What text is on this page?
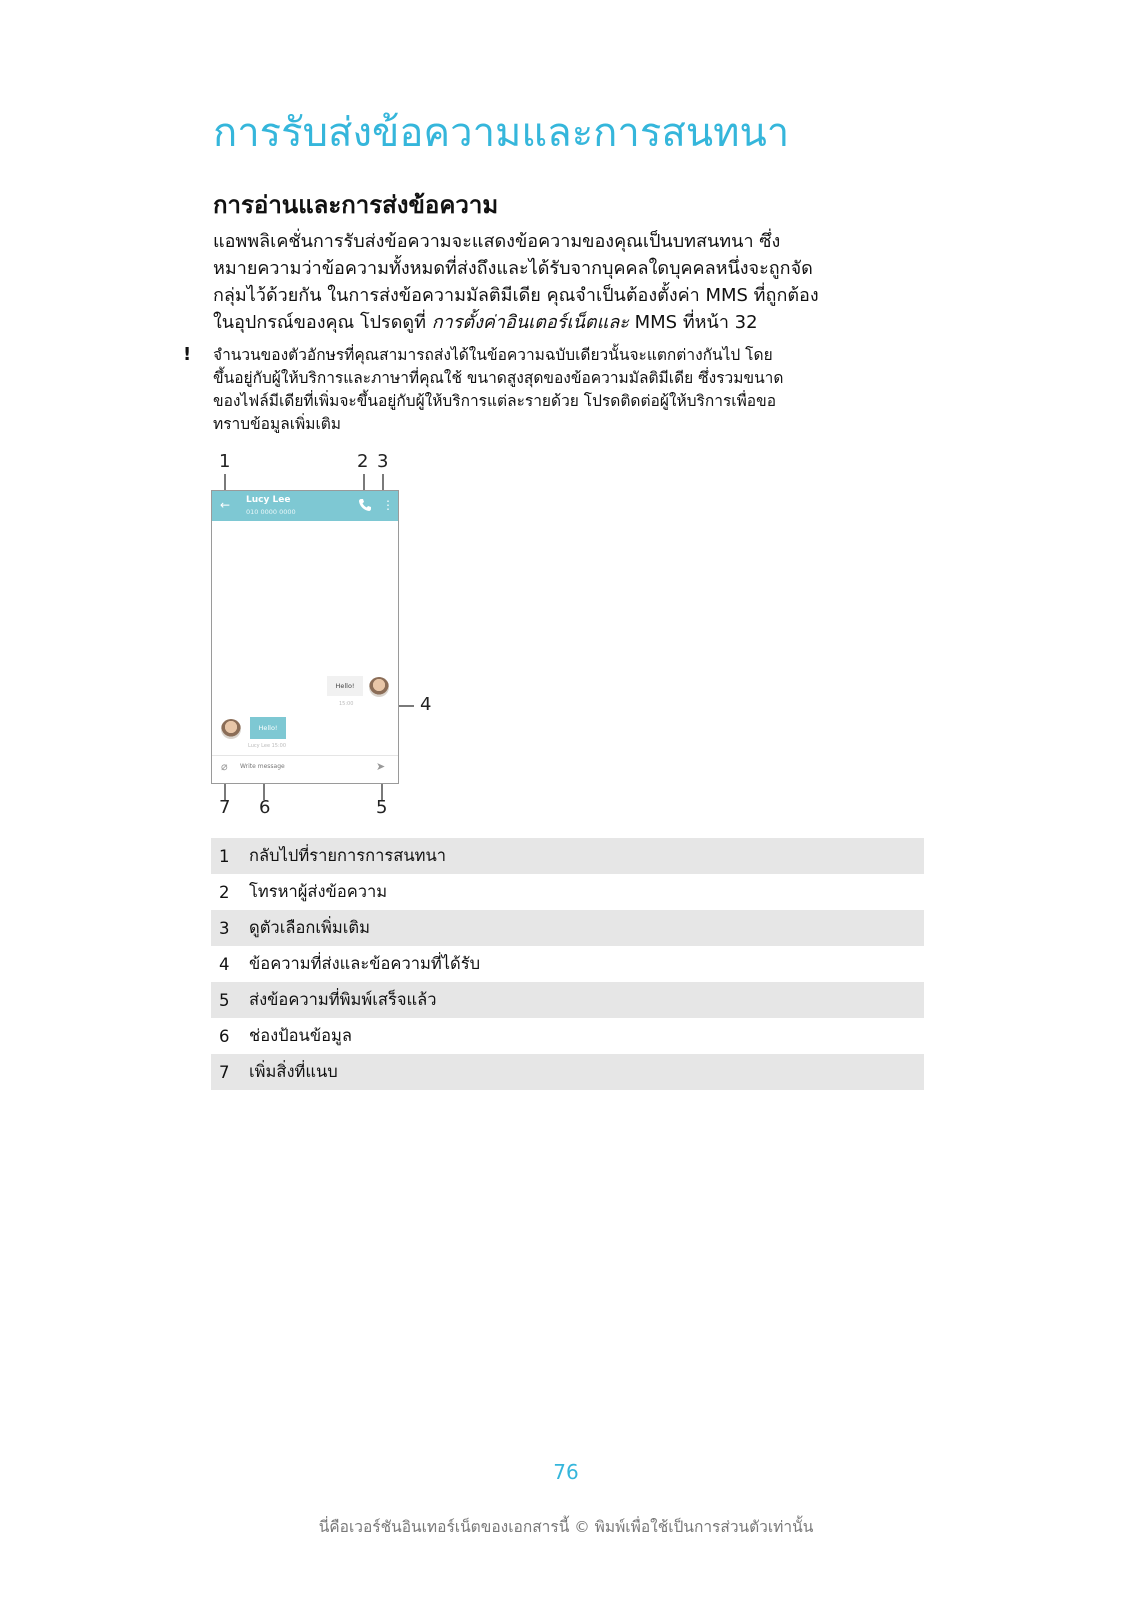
การรับส่งข้อความและการสนทนา
การอ่านและการส่งข้อความ

แอพพลิเคชั่นการรับส่งข้อความจะแสดงข้อความของคุณเป็นบทสนทนา ซึ่ง
หมายความว่าข้อความทั้งหมดที่ส่งถึงและได้รับจากบุคคลใดบุคคลหนึ่งจะถูกจัด
กลุ่มไว้ด้วยกัน ในการส่งข้อความมัลติมีเดีย คุณจำเป็นต้องตั้งค่า MMS ที่ถูกต้อง
ในอุปกรณ์ของคุณ โปรดดูที่ การตั้งค่าอินเตอร์เน็ตและ MMS ที่หน้า 32

! จำนวนของตัวอักษรที่คุณสามารถส่งได้ในข้อความฉบับเดียวนั้นจะแตกต่างกันไป โดย
ขึ้นอยู่กับผู้ให้บริการและภาษาที่คุณใช้ ขนาดสูงสุดของข้อความมัลติมีเดีย ซึ่งรวมขนาด
ของไฟล์มีเดียที่เพิ่มจะขึ้นอยู่กับผู้ให้บริการแต่ละรายด้วย โปรดติดต่อผู้ให้บริการเพื่อขอ
ทราบข้อมูลเพิ่มเติม

1	2 3
4
5
6
7
← Lucy Lee
010 0000 0000	⋮
Hello!
15:00
Hello!
Lucy Lee 15:00
⌀ Write message	➤
1	กลับไปที่รายการการสนทนา
2	โทรหาผู้ส่งข้อความ
3	ดูตัวเลือกเพิ่มเติม
4	ข้อความที่ส่งและข้อความที่ได้รับ
5	ส่งข้อความที่พิมพ์เสร็จแล้ว
6	ช่องป้อนข้อมูล
7	เพิ่มสิ่งที่แนบ
76
นี่คือเวอร์ชันอินเทอร์เน็ตของเอกสารนี้ © พิมพ์เพื่อใช้เป็นการส่วนตัวเท่านั้น
